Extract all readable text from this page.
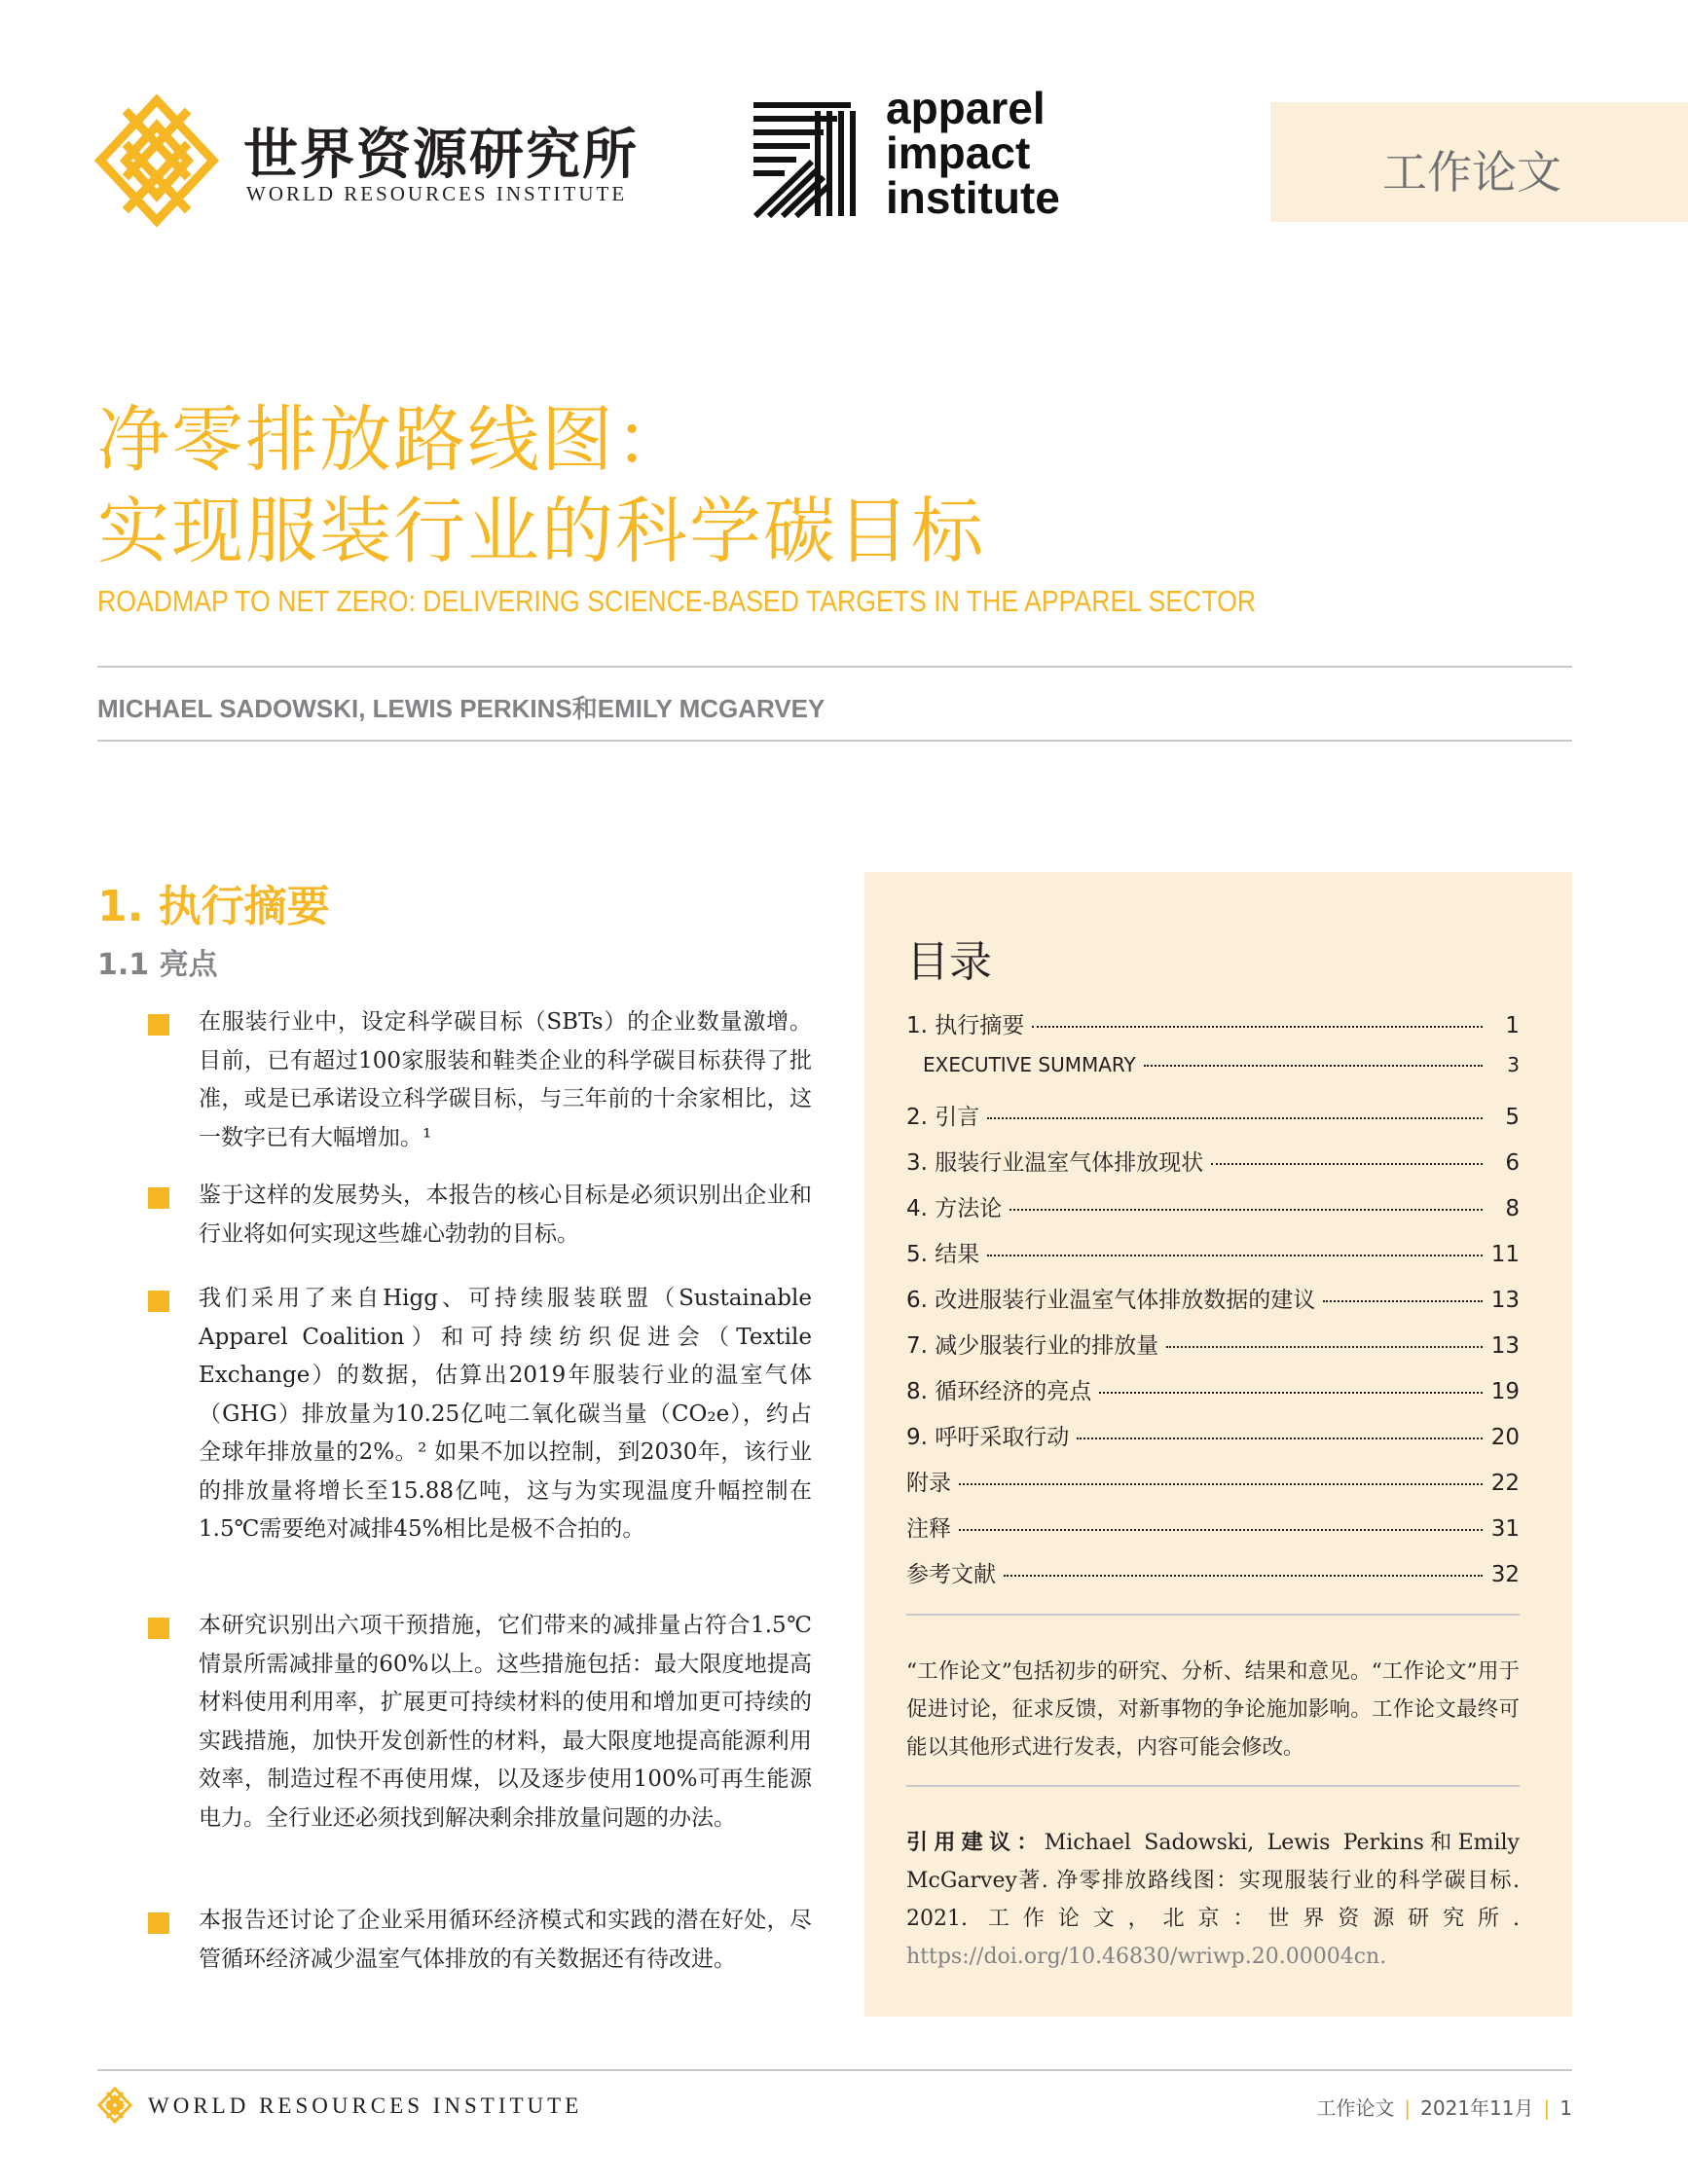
世界资源研究所
WORLD RESOURCES INSTITUTE
apparel
impact
institute	工作论文
净零排放路线图：
实现服装行业的科学碳目标
ROADMAP TO NET ZERO: DELIVERING SCIENCE-BASED TARGETS IN THE APPAREL SECTOR
MICHAEL SADOWSKI, LEWIS PERKINS和EMILY MCGARVEY
1. 执行摘要
1.1 亮点

在服装行业中，设定科学碳目标（SBTs）的企业数量激增。目前，已有超过100家服装和鞋类企业的科学碳目标获得了批准，或是已承诺设立科学碳目标，与三年前的十余家相比，这一数字已有大幅增加。¹

鉴于这样的发展势头，本报告的核心目标是必须识别出企业和行业将如何实现这些雄心勃勃的目标。

我们采用了来自Higg、可持续服装联盟（Sustainable Apparel Coalition）和可持续纺织促进会（Textile Exchange）的数据，估算出2019年服装行业的温室气体（GHG）排放量为10.25亿吨二氧化碳当量（CO₂e），约占全球年排放量的2%。² 如果不加以控制，到2030年，该行业的排放量将增长至15.88亿吨，这与为实现温度升幅控制在1.5℃需要绝对减排45%相比是极不合拍的。

本研究识别出六项干预措施，它们带来的减排量占符合1.5℃情景所需减排量的60%以上。这些措施包括：最大限度地提高材料使用利用率，扩展更可持续材料的使用和增加更可持续的实践措施，加快开发创新性的材料，最大限度地提高能源利用效率，制造过程不再使用煤，以及逐步使用100%可再生能源电力。全行业还必须找到解决剩余排放量问题的办法。

本报告还讨论了企业采用循环经济模式和实践的潜在好处，尽管循环经济减少温室气体排放的有关数据还有待改进。

目录
1. 执行摘要	1
EXECUTIVE SUMMARY	3
2. 引言	5
3. 服装行业温室气体排放现状	6
4. 方法论	8
5. 结果	11
6. 改进服装行业温室气体排放数据的建议	13
7. 减少服装行业的排放量	13
8. 循环经济的亮点	19
9. 呼吁采取行动	20
附录	22
注释	31
参考文献	32

“工作论文”包括初步的研究、分析、结果和意见。“工作论文”用于促进讨论，征求反馈，对新事物的争论施加影响。工作论文最终可能以其他形式进行发表，内容可能会修改。

引用建议：Michael Sadowski, Lewis Perkins和Emily McGarvey著. 净零排放路线图：实现服装行业的科学碳目标. 2021. 工作论文，北京：世界资源研究所. https://doi.org/10.46830/wriwp.20.00004cn.

WORLD RESOURCES INSTITUTE	工作论文 | 2021年11月 | 1
